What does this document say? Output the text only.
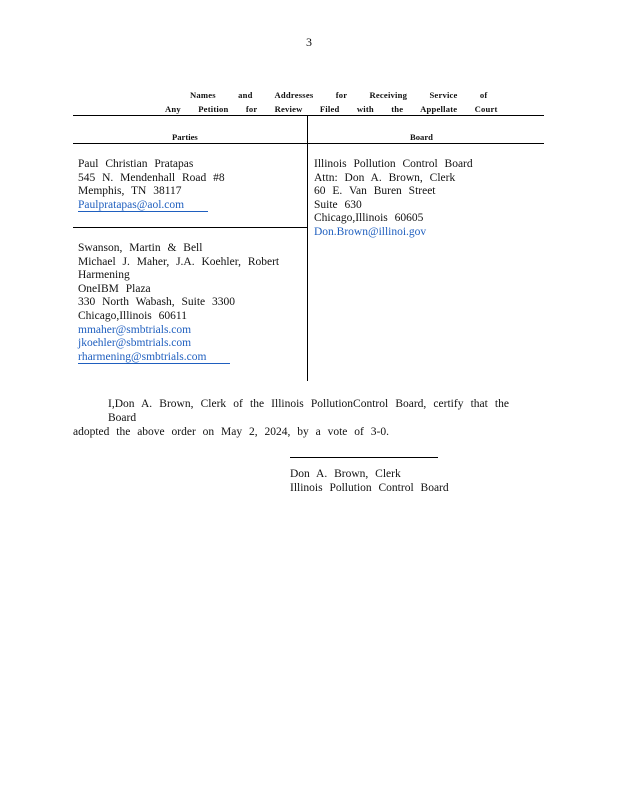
3
Names and Addresses for Receiving Service of
Any Petition for Review Filed with the Appellate Court
Parties	Board
Paul Christian Pratapas
545 N. Mendenhall Road #8
Memphis, TN 38117
Paulpratapas@aol.com
Swanson, Martin & Bell
Michael J. Maher, J.A. Koehler, Robert
Harmening
OneIBM Plaza
330 North Wabash, Suite 3300
Chicago,Illinois 60611
mmaher@smbtrials.com
jkoehler@sbmtrials.com
rharmening@smbtrials.com
Illinois Pollution Control Board
Attn: Don A. Brown, Clerk
60 E. Van Buren Street
Suite 630
Chicago,Illinois 60605
Don.Brown@illinoi.gov
I,Don A. Brown, Clerk of the Illinois PollutionControl Board, certify that the Board
adopted the above order on May 2, 2024, by a vote of 3-0.
Don A. Brown, Clerk
Illinois Pollution Control Board
